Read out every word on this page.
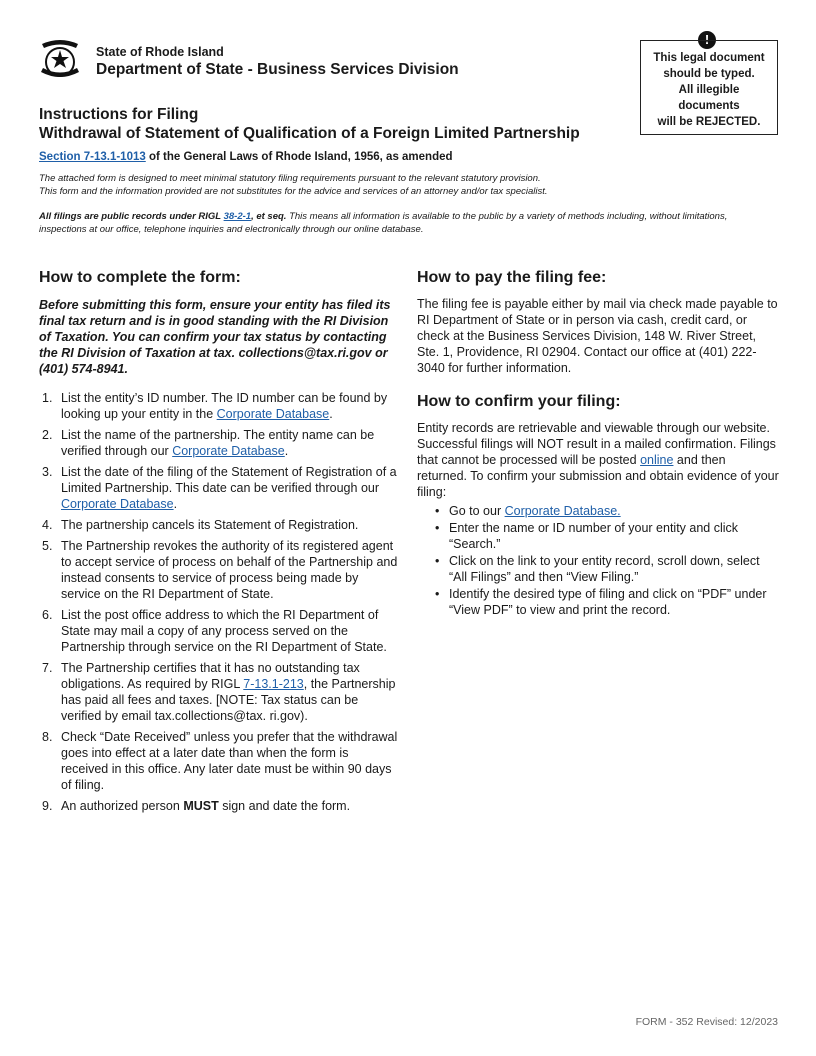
State of Rhode Island
Department of State - Business Services Division
!
This legal document
should be typed.
All illegible
documents
will be REJECTED.
Instructions for Filing
Withdrawal of Statement of Qualification of a Foreign Limited Partnership
Section 7-13.1-1013 of the General Laws of Rhode Island, 1956, as amended
The attached form is designed to meet minimal statutory filing requirements pursuant to the relevant statutory provision.
This form and the information provided are not substitutes for the advice and services of an attorney and/or tax specialist.
All filings are public records under RIGL 38-2-1, et seq. This means all information is available to the public by a variety of methods including, without limitations, inspections at our office, telephone inquiries and electronically through our online database.
How to complete the form:

Before submitting this form, ensure your entity has filed its final tax return and is in good standing with the RI Division of Taxation. You can confirm your tax status by contacting the RI Division of Taxation at tax. collections@tax.ri.gov or (401) 574-8941.

1. List the entity’s ID number. The ID number can be found by looking up your entity in the Corporate Database.
2. List the name of the partnership. The entity name can be verified through our Corporate Database.
3. List the date of the filing of the Statement of Registration of a Limited Partnership. This date can be verified through our Corporate Database.
4. The partnership cancels its Statement of Registration.
5. The Partnership revokes the authority of its registered agent to accept service of process on behalf of the Partnership and instead consents to service of process being made by service on the RI Department of State.
6. List the post office address to which the RI Department of State may mail a copy of any process served on the Partnership through service on the RI Department of State.
7. The Partnership certifies that it has no outstanding tax obligations. As required by RIGL 7-13.1-213, the Partnership has paid all fees and taxes. [NOTE: Tax status can be verified by email tax.collections@tax. ri.gov).
8. Check “Date Received” unless you prefer that the withdrawal goes into effect at a later date than when the form is received in this office. Any later date must be within 90 days of filing.
9. An authorized person MUST sign and date the form.
How to pay the filing fee:

The filing fee is payable either by mail via check made payable to RI Department of State or in person via cash, credit card, or check at the Business Services Division, 148 W. River Street, Ste. 1, Providence, RI 02904. Contact our office at (401) 222-3040 for further information.

How to confirm your filing:

Entity records are retrievable and viewable through our website. Successful filings will NOT result in a mailed confirmation. Filings that cannot be processed will be posted online and then returned. To confirm your submission and obtain evidence of your filing:

• Go to our Corporate Database.
• Enter the name or ID number of your entity and click “Search.”
• Click on the link to your entity record, scroll down, select “All Filings” and then “View Filing.”
• Identify the desired type of filing and click on “PDF” under “View PDF” to view and print the record.
FORM - 352 Revised: 12/2023
